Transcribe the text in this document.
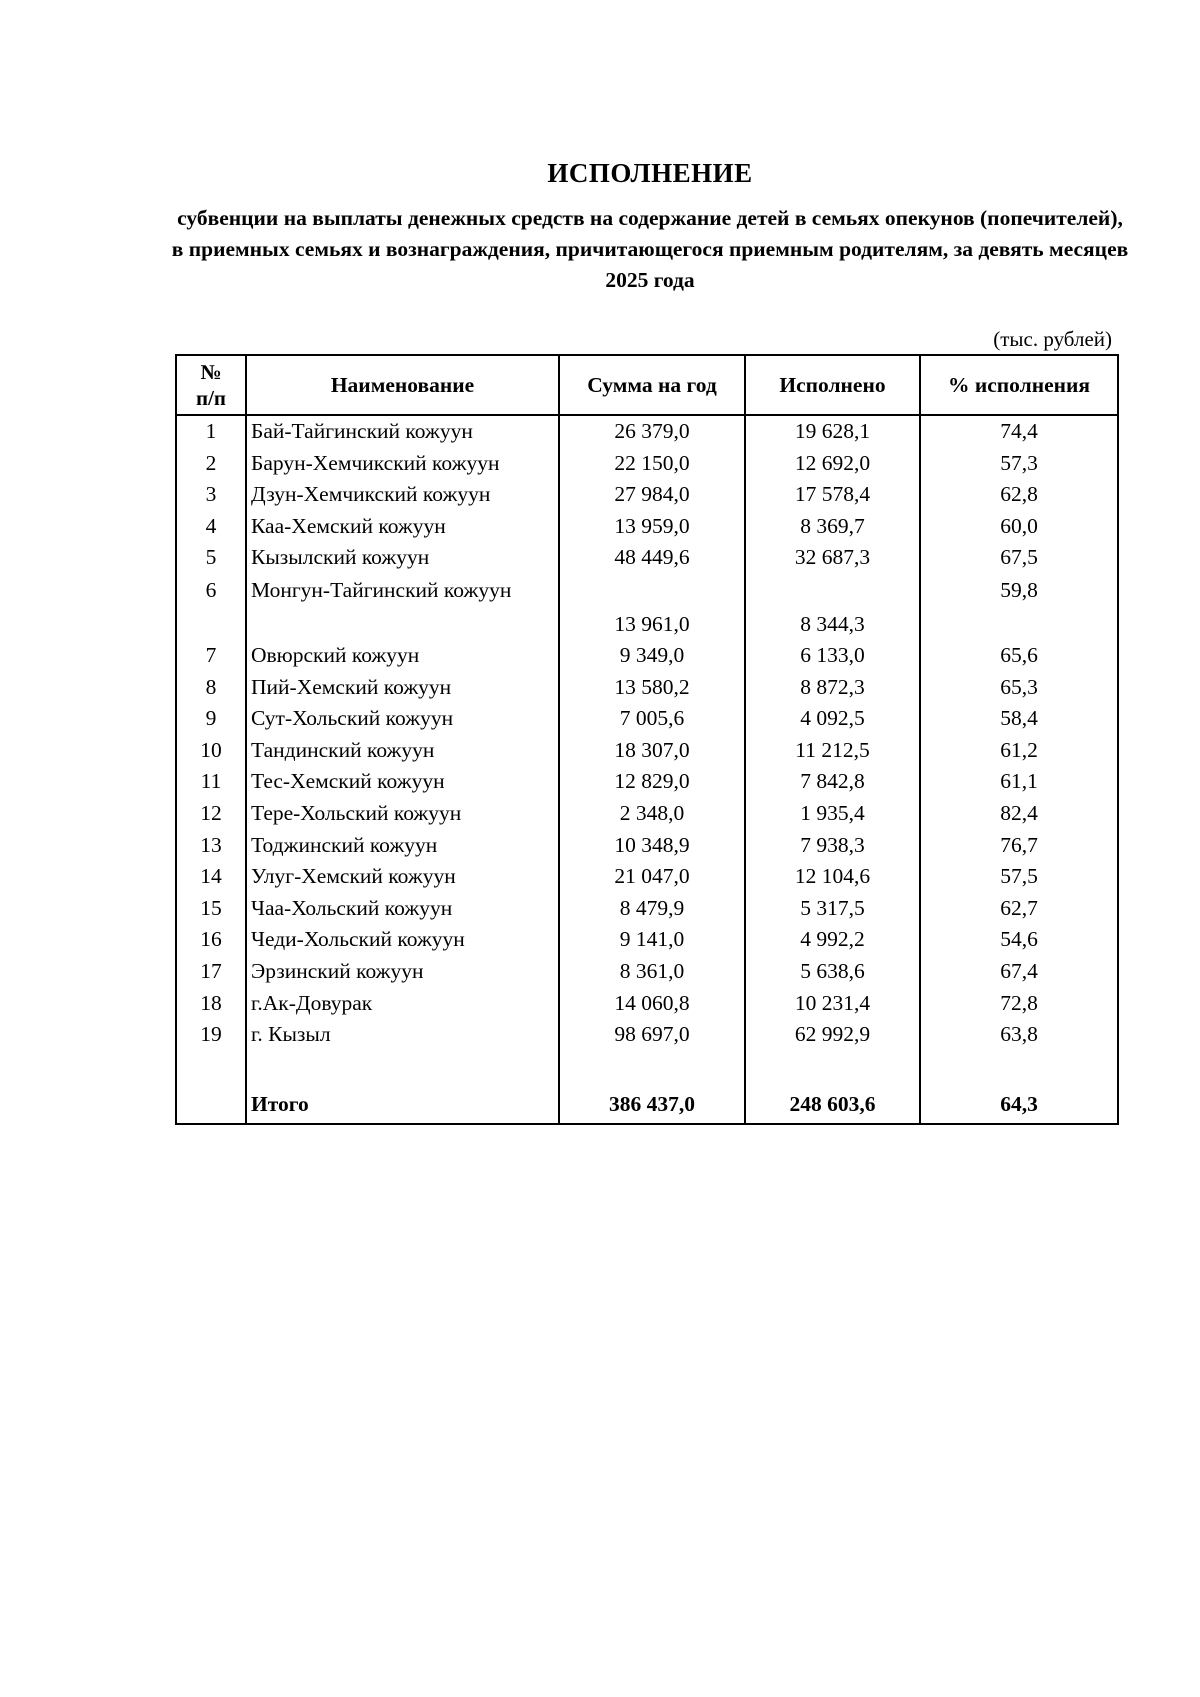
ИСПОЛНЕНИЕ
субвенции на выплаты денежных средств на содержание детей в семьях опекунов (попечителей), в приемных семьях и вознаграждения, причитающегося приемным родителям, за девять месяцев 2025 года
(тыс. рублей)
№
п/п	Наименование	Сумма на год	Исполнено	% исполнения
1	Бай-Тайгинский кожуун	26 379,0	19 628,1	74,4
2	Барун-Хемчикский кожуун	22 150,0	12 692,0	57,3
3	Дзун-Хемчикский кожуун	27 984,0	17 578,4	62,8
4	Каа-Хемский кожуун	13 959,0	8 369,7	60,0
5	Кызылский кожуун	48 449,6	32 687,3	67,5
6	Монгун-Тайгинский кожуун	13 961,0	8 344,3	59,8
7	Овюрский кожуун	9 349,0	6 133,0	65,6
8	Пий-Хемский кожуун	13 580,2	8 872,3	65,3
9	Сут-Хольский кожуун	7 005,6	4 092,5	58,4
10	Тандинский кожуун	18 307,0	11 212,5	61,2
11	Тес-Хемский кожуун	12 829,0	7 842,8	61,1
12	Тере-Хольский кожуун	2 348,0	1 935,4	82,4
13	Тоджинский кожуун	10 348,9	7 938,3	76,7
14	Улуг-Хемский кожуун	21 047,0	12 104,6	57,5
15	Чаа-Хольский кожуун	8 479,9	5 317,5	62,7
16	Чеди-Хольский кожуун	9 141,0	4 992,2	54,6
17	Эрзинский кожуун	8 361,0	5 638,6	67,4
18	г.Ак-Довурак	14 060,8	10 231,4	72,8
19	г. Кызыл	98 697,0	62 992,9	63,8

	Итого	386 437,0	248 603,6	64,3
